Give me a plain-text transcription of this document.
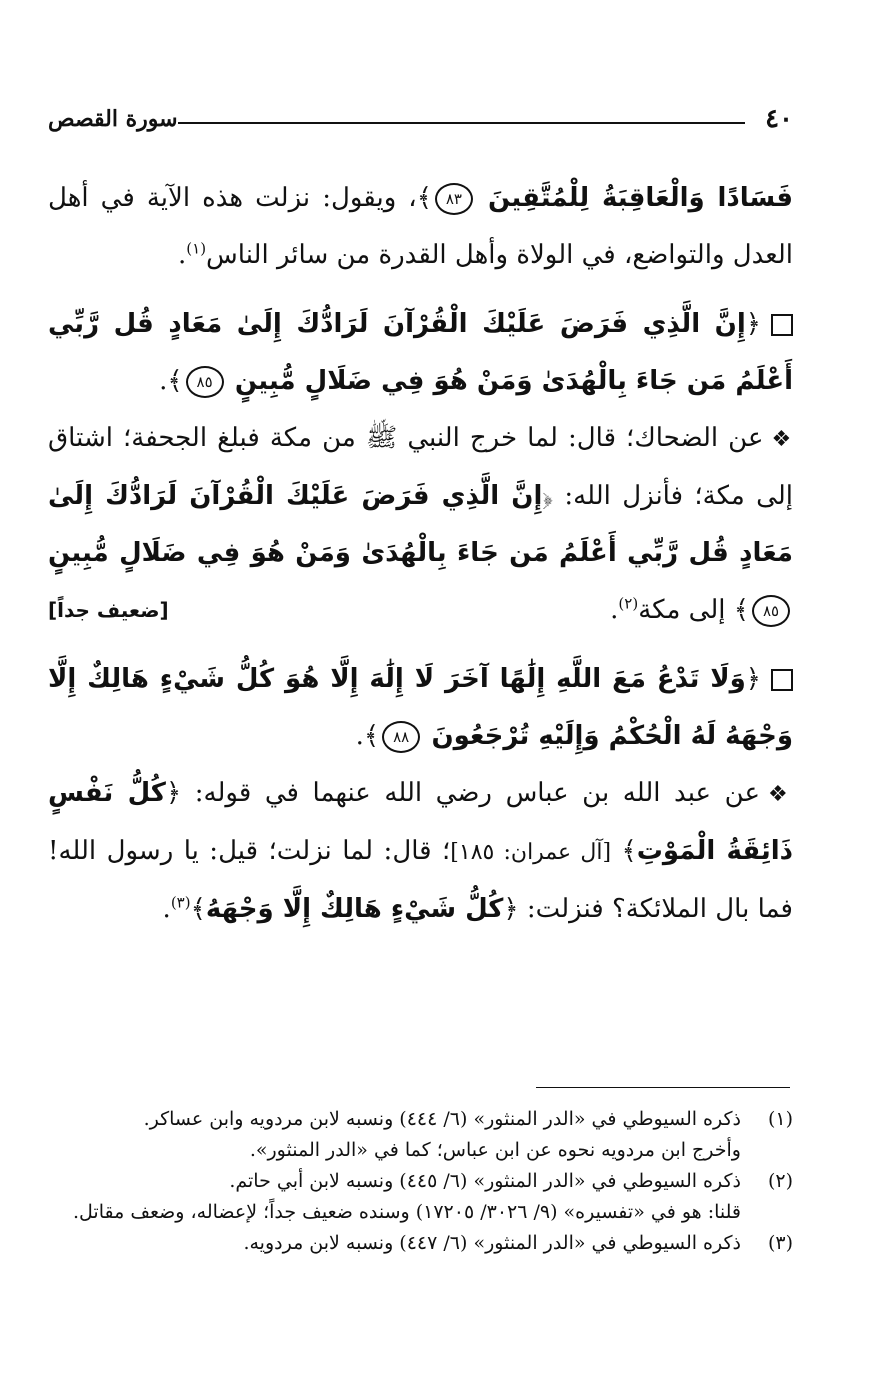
٤٠
سورة القصص

فَسَادًا وَالْعَاقِبَةُ لِلْمُتَّقِينَ ٨٣﴾، ويقول: نزلت هذه الآية في أهل العدل والتواضع، في الولاة وأهل القدرة من سائر الناس$^{(١)}$.

﴿إِنَّ الَّذِي فَرَضَ عَلَيْكَ الْقُرْآنَ لَرَادُّكَ إِلَىٰ مَعَادٍ قُل رَّبِّي أَعْلَمُ مَن جَاءَ بِالْهُدَىٰ وَمَنْ هُوَ فِي ضَلَالٍ مُّبِينٍ ٨٥﴾.

❖عن الضحاك؛ قال: لما خرج النبي ﷺ من مكة فبلغ الجحفة؛ اشتاق إلى مكة؛ فأنزل الله: ﴿إِنَّ الَّذِي فَرَضَ عَلَيْكَ الْقُرْآنَ لَرَادُّكَ إِلَىٰ مَعَادٍ قُل رَّبِّي أَعْلَمُ مَن جَاءَ بِالْهُدَىٰ وَمَنْ هُوَ فِي ضَلَالٍ مُّبِينٍ ٨٥﴾ إلى مكة$^{(٢)}$.
[ضعيف جداً]

﴿وَلَا تَدْعُ مَعَ اللَّهِ إِلَٰهًا آخَرَ لَا إِلَٰهَ إِلَّا هُوَ كُلُّ شَيْءٍ هَالِكٌ إِلَّا وَجْهَهُ لَهُ الْحُكْمُ وَإِلَيْهِ تُرْجَعُونَ ٨٨﴾.

❖عن عبد الله بن عباس رضي الله عنهما في قوله: ﴿كُلُّ نَفْسٍ ذَائِقَةُ الْمَوْتِ﴾ [آل عمران: ١٨٥]؛ قال: لما نزلت؛ قيل: يا رسول الله! فما بال الملائكة؟ فنزلت: ﴿كُلُّ شَيْءٍ هَالِكٌ إِلَّا وَجْهَهُ﴾$^{(٣)}$.

(١)
ذكره السيوطي في «الدر المنثور» (٦/ ٤٤٤) ونسبه لابن مردويه وابن عساكر.
وأخرج ابن مردويه نحوه عن ابن عباس؛ كما في «الدر المنثور».
(٢)
ذكره السيوطي في «الدر المنثور» (٦/ ٤٤٥) ونسبه لابن أبي حاتم.
قلنا: هو في «تفسيره» (٩/ ٣٠٢٦/ ١٧٢٠٥) وسنده ضعيف جداً؛ لإعضاله، وضعف مقاتل.
(٣)
ذكره السيوطي في «الدر المنثور» (٦/ ٤٤٧) ونسبه لابن مردويه.
